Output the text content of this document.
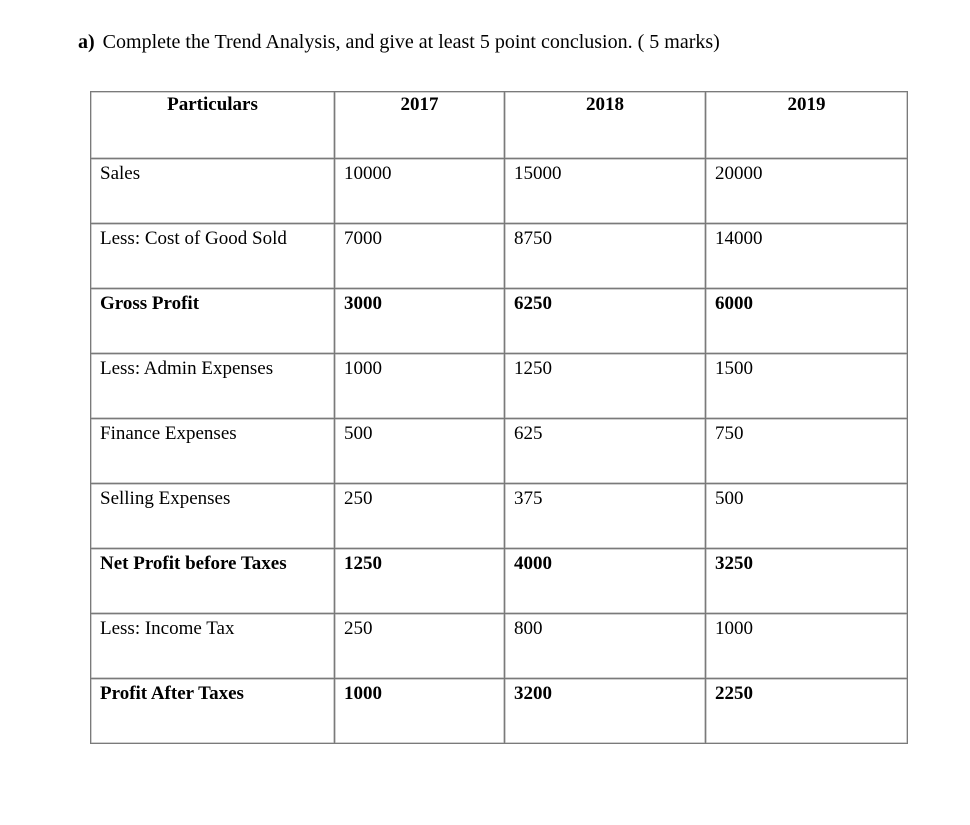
a) Complete the Trend Analysis, and give at least 5 point conclusion. ( 5 marks)
Particulars	2017	2018	2019

Sales	10000	15000	20000

Less: Cost of Good Sold	7000	8750	14000

Gross Profit	3000	6250	6000

Less: Admin Expenses	1000	1250	1500

Finance Expenses	500	625	750

Selling Expenses	250	375	500

Net Profit before Taxes	1250	4000	3250

Less: Income Tax	250	800	1000

Profit After Taxes	1000	3200	2250
